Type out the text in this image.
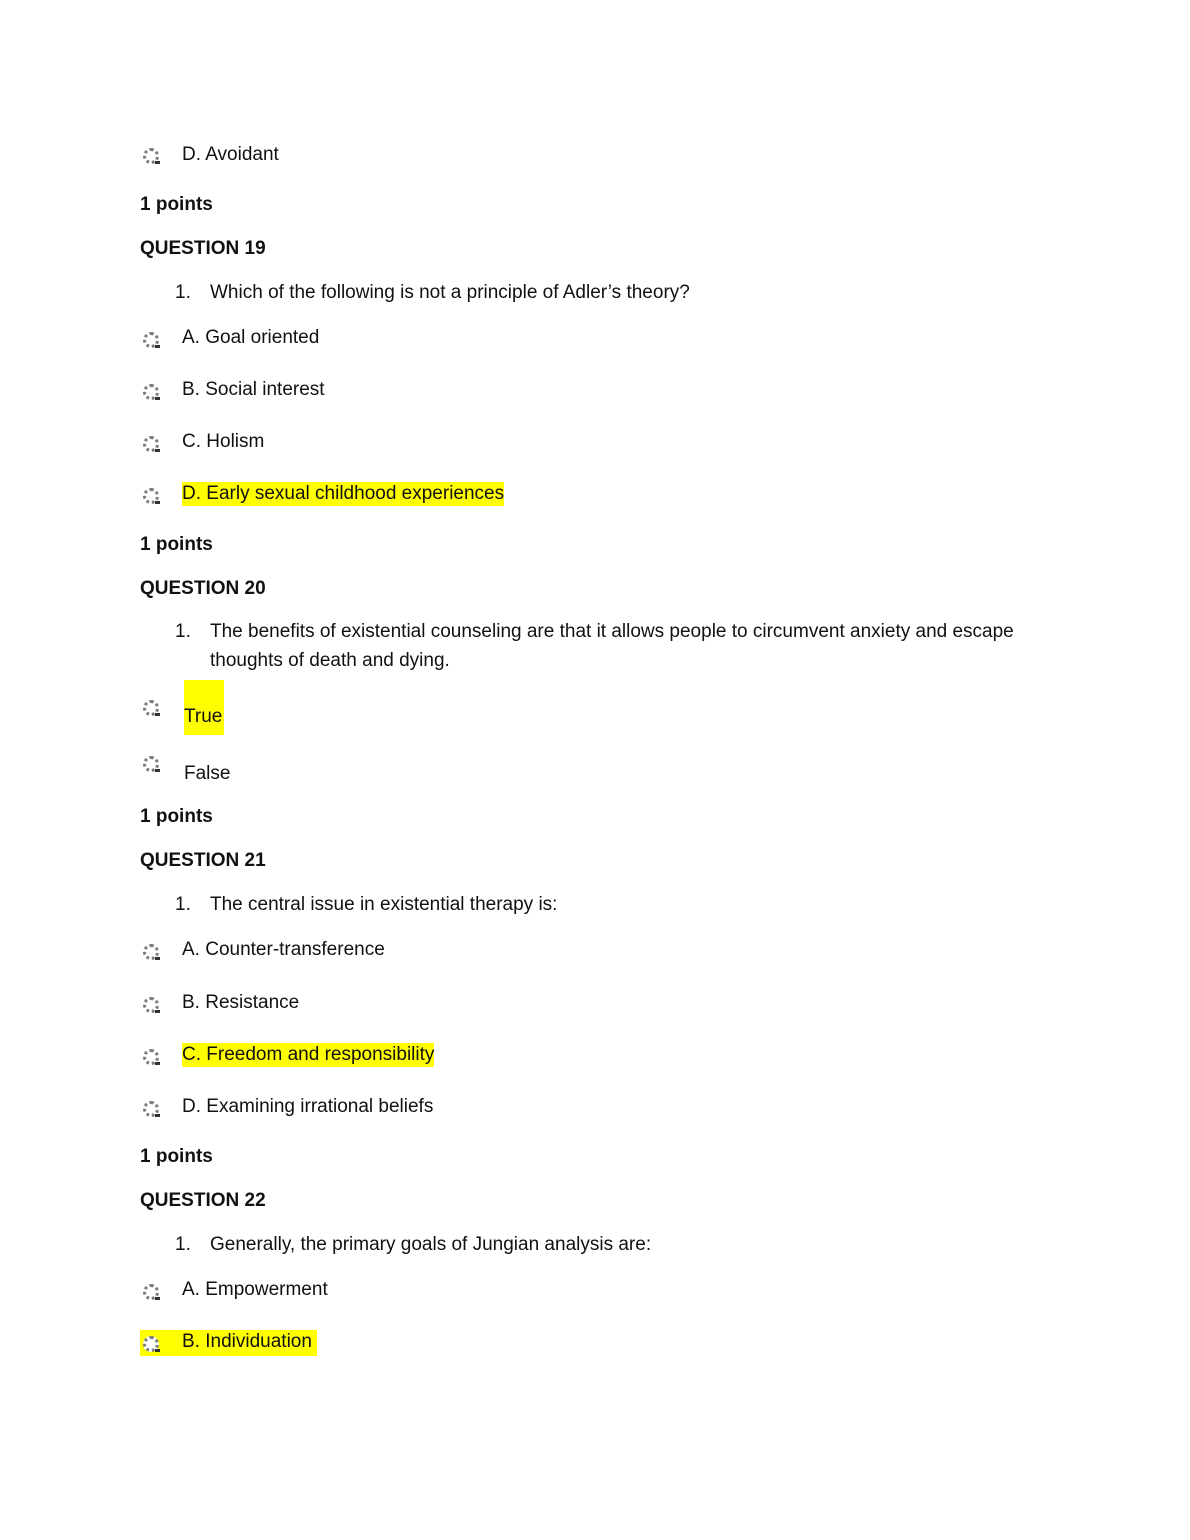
D. Avoidant
1 points
QUESTION 19
1. Which of the following is not a principle of Adler’s theory?
A. Goal oriented
B. Social interest
C. Holism
D. Early sexual childhood experiences
1 points
QUESTION 20
1. The benefits of existential counseling are that it allows people to circumvent anxiety and escape
thoughts of death and dying.
True
False
1 points
QUESTION 21
1. The central issue in existential therapy is:
A. Counter-transference
B. Resistance
C. Freedom and responsibility
D. Examining irrational beliefs
1 points
QUESTION 22
1. Generally, the primary goals of Jungian analysis are:
A. Empowerment
B. Individuation
